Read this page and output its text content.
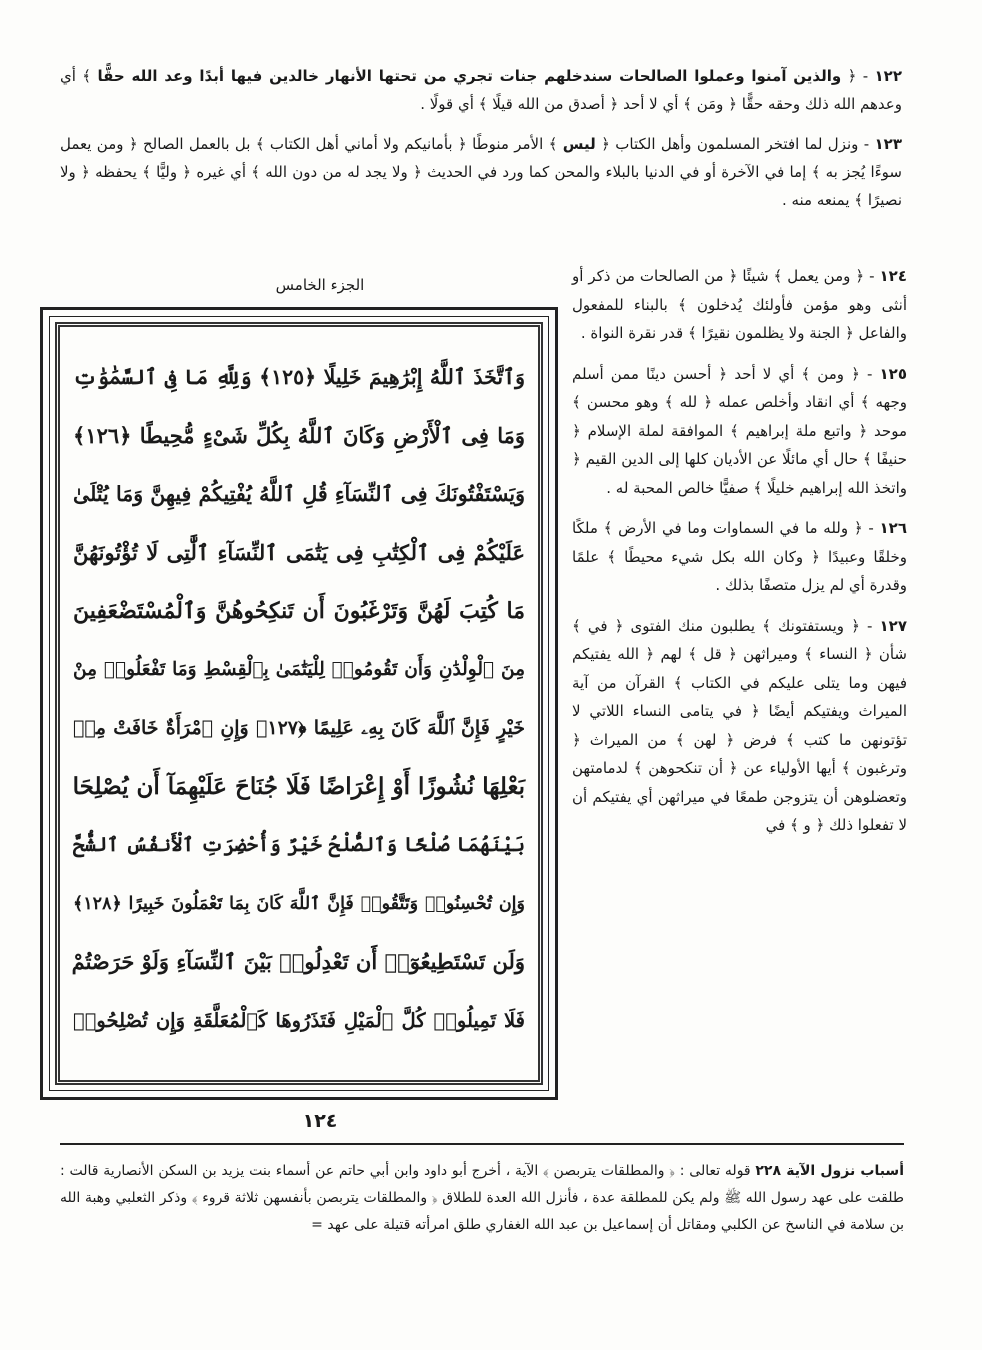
١٢٢ - ﴿ والذين آمنوا وعملوا الصالحات سندخلهم جنات تجري من تحتها الأنهار خالدين فيها أبدًا وعد الله حقًّا ﴾ أي وعدهم الله ذلك وحقه حقًّا ﴿ ومَن ﴾ أي لا أحد ﴿ أصدق من الله قيلًا ﴾ أي قولًا .
١٢٣ - ونزل لما افتخر المسلمون وأهل الكتاب ﴿ ليس ﴾ الأمر منوطًا ﴿ بأمانيكم ولا أماني أهل الكتاب ﴾ بل بالعمل الصالح ﴿ ومن يعمل سوءًا يُجز به ﴾ إما في الآخرة أو في الدنيا بالبلاء والمحن كما ورد في الحديث ﴿ ولا يجد له من دون الله ﴾ أي غيره ﴿ وليًّا ﴾ يحفظه ﴿ ولا نصيرًا ﴾ يمنعه منه .
الجزء الخامس
وَٱتَّخَذَ ٱللَّهُ إِبْرَٰهِيمَ خَلِيلًا ﴿١٢٥﴾ وَلِلَّهِ مَا فِى ٱلسَّمَٰوَٰتِ
وَمَا فِى ٱلْأَرْضِ وَكَانَ ٱللَّهُ بِكُلِّ شَىْءٍ مُّحِيطًا ﴿١٢٦﴾
وَيَسْتَفْتُونَكَ فِى ٱلنِّسَآءِ قُلِ ٱللَّهُ يُفْتِيكُمْ فِيهِنَّ وَمَا يُتْلَىٰ
عَلَيْكُمْ فِى ٱلْكِتَٰبِ فِى يَتَٰمَى ٱلنِّسَآءِ ٱلَّٰتِى لَا تُؤْتُونَهُنَّ
مَا كُتِبَ لَهُنَّ وَتَرْغَبُونَ أَن تَنكِحُوهُنَّ وَٱلْمُسْتَضْعَفِينَ
مِنَ ٱلْوِلْدَٰنِ وَأَن تَقُومُوا۟ لِلْيَتَٰمَىٰ بِٱلْقِسْطِ وَمَا تَفْعَلُوا۟ مِنْ
خَيْرٍ فَإِنَّ ٱللَّهَ كَانَ بِهِۦ عَلِيمًا ﴿١٢٧﴾ وَإِنِ ٱمْرَأَةٌ خَافَتْ مِنۢ
بَعْلِهَا نُشُوزًا أَوْ إِعْرَاضًا فَلَا جُنَاحَ عَلَيْهِمَآ أَن يُصْلِحَا
بَيْنَهُمَا صُلْحًا وَٱلصُّلْحُ خَيْرٌ وَأُحْضِرَتِ ٱلْأَنفُسُ ٱلشُّحَّ
وَإِن تُحْسِنُوا۟ وَتَتَّقُوا۟ فَإِنَّ ٱللَّهَ كَانَ بِمَا تَعْمَلُونَ خَبِيرًا ﴿١٢٨﴾
وَلَن تَسْتَطِيعُوٓا۟ أَن تَعْدِلُوا۟ بَيْنَ ٱلنِّسَآءِ وَلَوْ حَرَصْتُمْ
فَلَا تَمِيلُوا۟ كُلَّ ٱلْمَيْلِ فَتَذَرُوهَا كَٱلْمُعَلَّقَةِ وَإِن تُصْلِحُوا۟
١٢٤ - ﴿ ومن يعمل ﴾ شيئًا ﴿ من الصالحات من ذكر أو أنثى وهو مؤمن فأولئك يُدخلون ﴾ بالبناء للمفعول والفاعل ﴿ الجنة ولا يظلمون نقيرًا ﴾ قدر نقرة النواة .
١٢٥ - ﴿ ومن ﴾ أي لا أحد ﴿ أحسن دينًا ممن أسلم وجهه ﴾ أي انقاد وأخلص عمله ﴿ لله ﴾ وهو محسن ﴾ موحد ﴿ واتبع ملة إبراهيم ﴾ الموافقة لملة الإسلام ﴿ حنيفًا ﴾ حال أي مائلًا عن الأديان كلها إلى الدين القيم ﴿ واتخذ الله إبراهيم خليلًا ﴾ صفيًّا خالص المحبة له .
١٢٦ - ﴿ ولله ما في السماوات وما في الأرض ﴾ ملكًا وخلقًا وعبيدًا ﴿ وكان الله بكل شيء محيطًا ﴾ علمًا وقدرة أي لم يزل متصفًا بذلك .
١٢٧ - ﴿ ويستفتونك ﴾ يطلبون منك الفتوى ﴿ في ﴾ شأن ﴿ النساء ﴾ وميراثهن ﴿ قل ﴾ لهم ﴿ الله يفتيكم فيهن وما يتلى عليكم في الكتاب ﴾ القرآن من آية الميراث ويفتيكم أيضًا ﴿ في يتامى النساء اللاتي لا تؤتونهن ما كتب ﴾ فرض ﴿ لهن ﴾ من الميراث ﴿ وترغبون ﴾ أيها الأولياء عن ﴿ أن تنكحوهن ﴾ لدمامتهن وتعضلوهن أن يتزوجن طمعًا في ميراثهن أي يفتيكم أن لا تفعلوا ذلك ﴿ و ﴾ في
١٢٤
أسباب نزول الآية ٢٢٨ قوله تعالى : ﴿ والمطلقات يتربصن ﴾ الآية ، أخرج أبو داود وابن أبي حاتم عن أسماء بنت يزيد بن السكن الأنصارية قالت : طلقت على عهد رسول الله ﷺ ولم يكن للمطلقة عدة ، فأنزل الله العدة للطلاق ﴿ والمطلقات يتربصن بأنفسهن ثلاثة قروء ﴾ وذكر الثعلبي وهبة الله بن سلامة في الناسخ عن الكلبي ومقاتل أن إسماعيل بن عبد الله الغفاري طلق امرأته قتيلة على عهد =
